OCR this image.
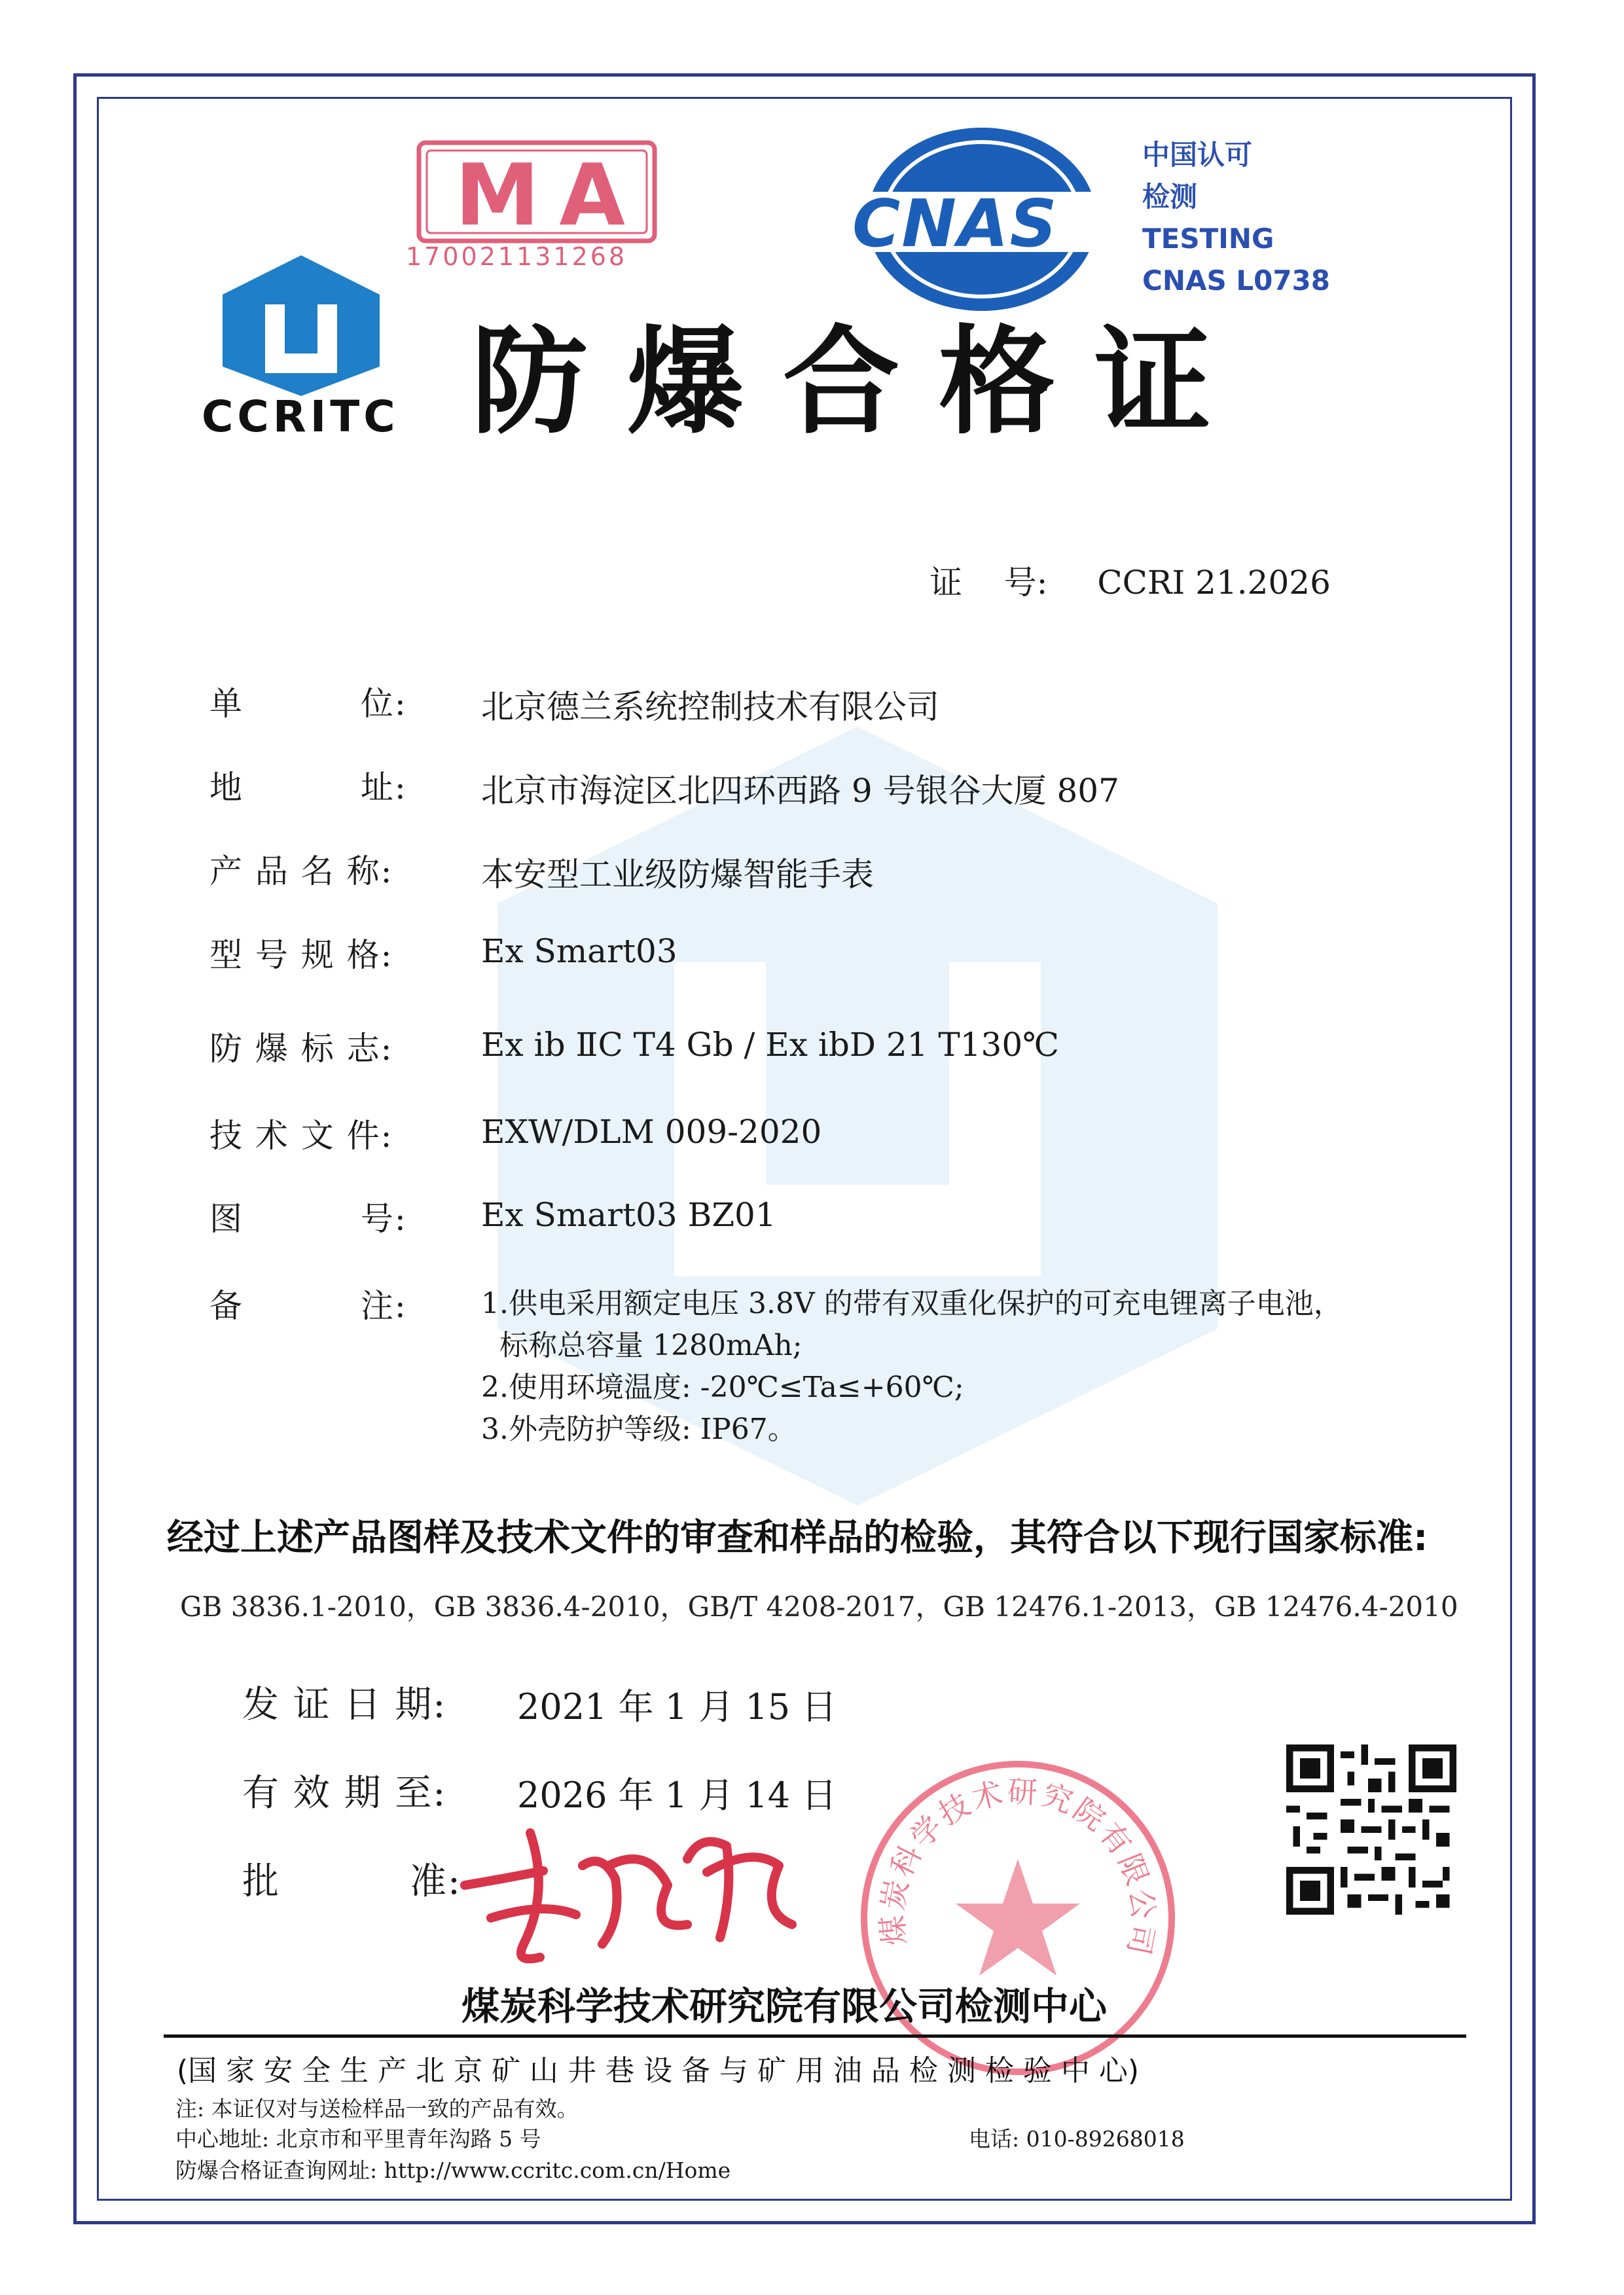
MA
170021131268	CNAS
中国认可
检测
TESTING
CNAS L0738
CCRITC 防爆合格证
证    号: CCRI 21.2026
单          位: 北京德兰系统控制技术有限公司
地          址: 北京市海淀区北四环西路 9 号银谷大厦 807
产 品 名 称:	本安型工业级防爆智能手表
型 号 规 格:	Ex Smart03
防 爆 标 志:	Ex ib ⅡC T4 Gb / Ex ibD 21 T130℃
技 术 文 件:	EXW/DLM 009-2020
图          号: Ex Smart03 BZ01
备          注:	1.供电采用额定电压 3.8V 的带有双重化保护的可充电锂离子电池，
标称总容量 1280mAh;
2.使用环境温度: -20℃≤Ta≤+60℃;
3.外壳防护等级: IP67。
经过上述产品图样及技术文件的审查和样品的检验，其符合以下现行国家标准:
GB 3836.1-2010，GB 3836.4-2010，GB/T 4208-2017，GB 12476.1-2013，GB 12476.4-2010
发 证 日 期: 2021 年 1 月 15 日
有 效 期 至: 2026 年 1 月 14 日
批          准:
煤炭科学技术研究院有限公司
煤炭科学技术研究院有限公司检测中心
(国 家 安 全 生 产 北 京 矿 山 井 巷 设 备 与 矿 用 油 品 检 测 检 验 中 心)
注: 本证仅对与送检样品一致的产品有效。
中心地址: 北京市和平里青年沟路 5 号	电话: 010-89268018
防爆合格证查询网址: http://www.ccritc.com.cn/Home
